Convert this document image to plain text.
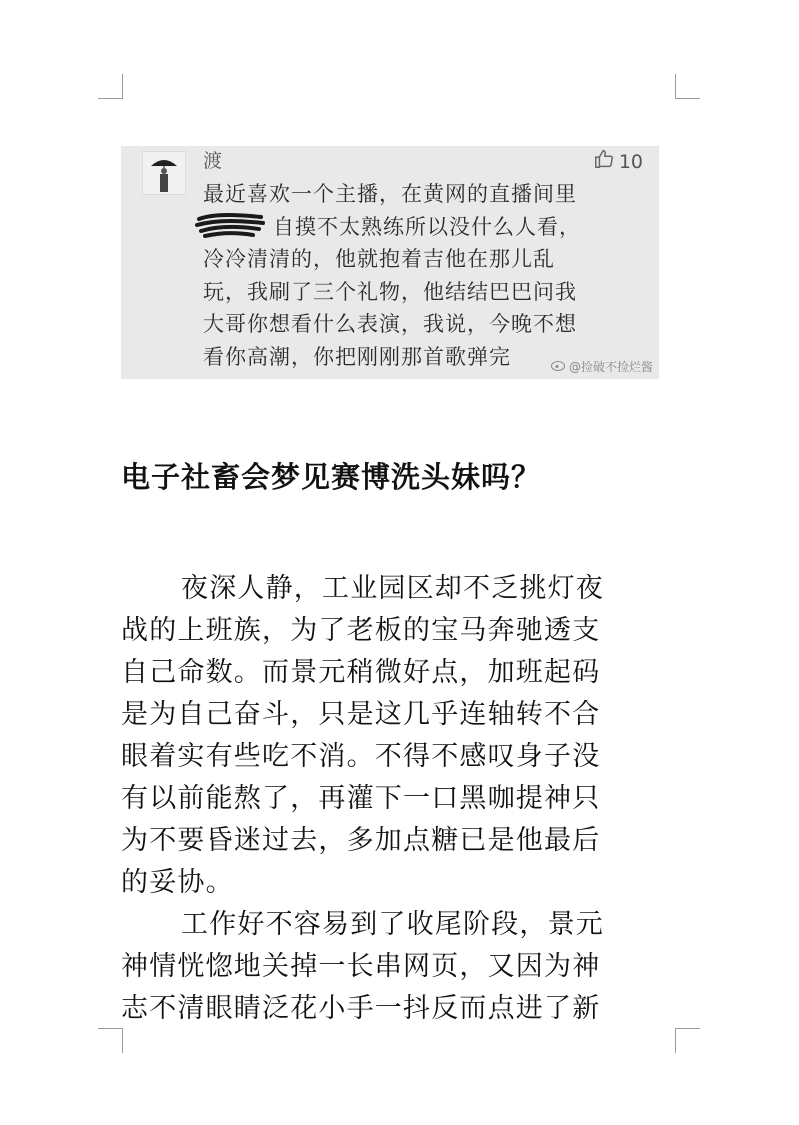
渡	10
最近喜欢一个主播，在黄网的直播间里
自摸不太熟练所以没什么人看，
冷冷清清的，他就抱着吉他在那儿乱
玩，我刷了三个礼物，他结结巴巴问我
大哥你想看什么表演，我说，今晚不想
看你高潮，你把刚刚那首歌弹完	@捡破不捡烂酱
电子社畜会梦见赛博洗头妹吗？
夜深人静，工业园区却不乏挑灯夜
战的上班族，为了老板的宝马奔驰透支
自己命数。而景元稍微好点，加班起码
是为自己奋斗，只是这几乎连轴转不合
眼着实有些吃不消。不得不感叹身子没
有以前能熬了，再灌下一口黑咖提神只
为不要昏迷过去，多加点糖已是他最后
的妥协。
工作好不容易到了收尾阶段，景元
神情恍惚地关掉一长串网页，又因为神
志不清眼睛泛花小手一抖反而点进了新
